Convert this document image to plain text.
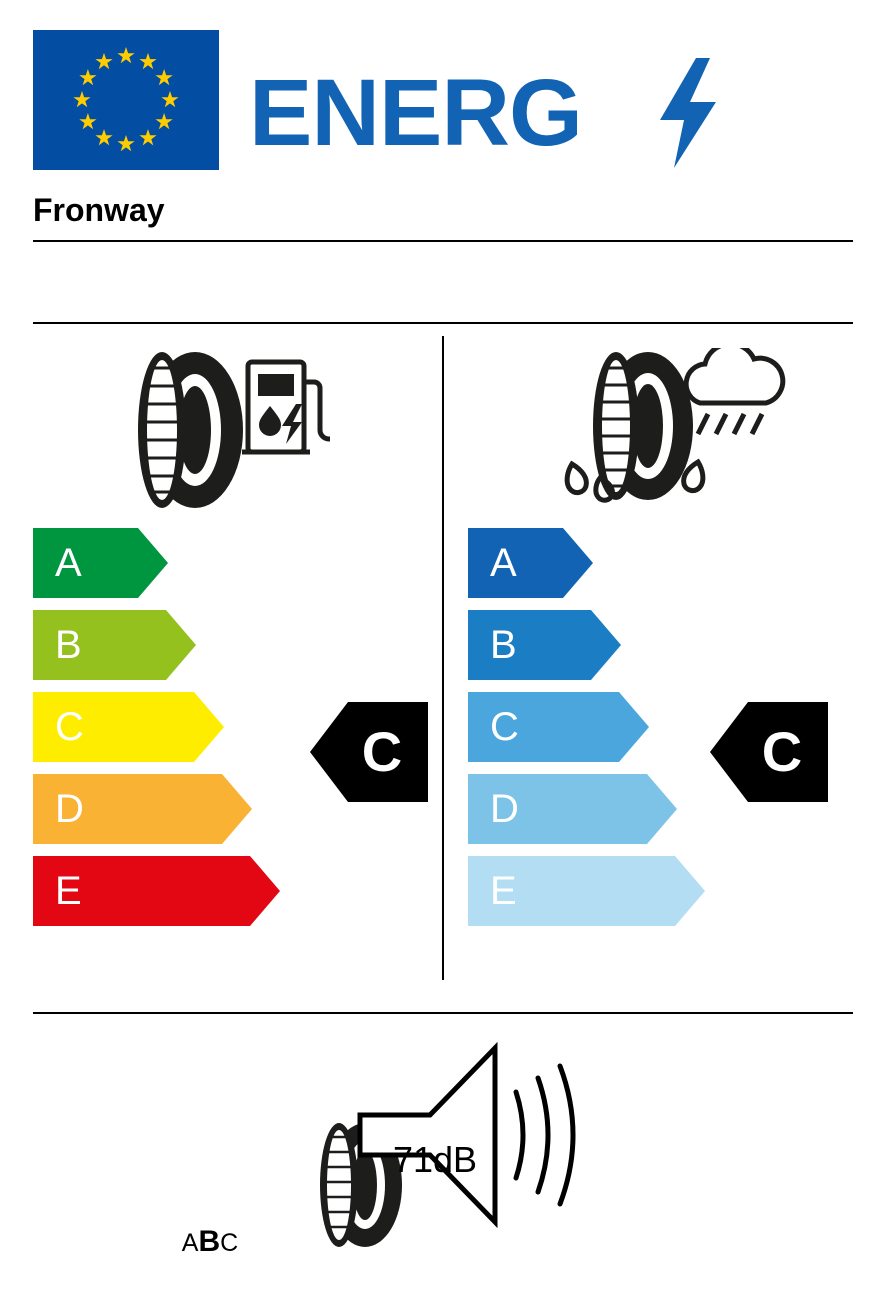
ENERG
Fronway
A
B
C
D
E
A
B
C
D
E
C	C
71dB
ABC
